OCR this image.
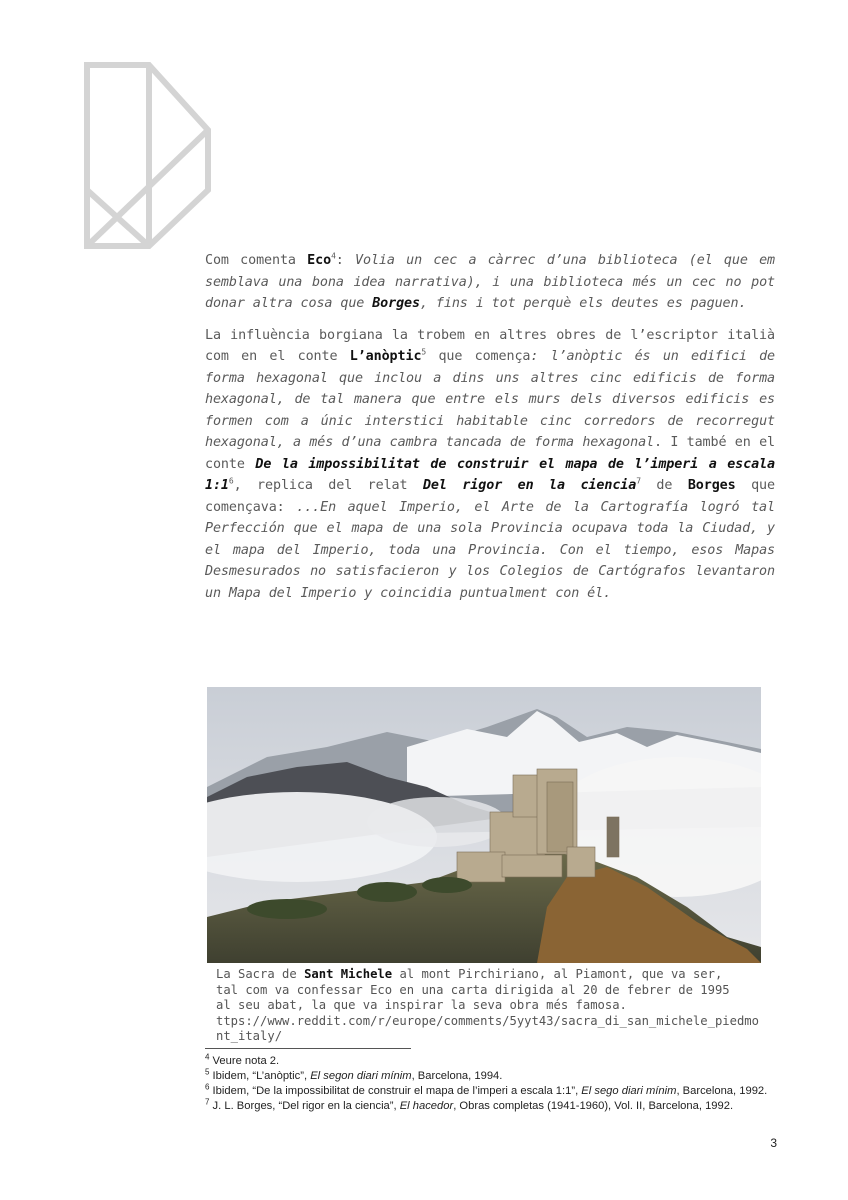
Com comenta Eco$^4$: Volia un cec a càrrec d’una biblioteca (el que em semblava una bona idea narrativa), i una biblioteca més un cec no pot donar altra cosa que Borges, fins i tot perquè els deutes es paguen.

La influència borgiana la trobem en altres obres de l’escriptor italià com en el conte L’anòptic$^5$ que comença: l’anòptic és un edifici de forma hexagonal que inclou a dins uns altres cinc edificis de forma hexagonal, de tal manera que entre els murs dels diversos edificis es formen com a únic interstici habitable cinc corredors de recorregut hexagonal, a més d’una cambra tancada de forma hexagonal. I també en el conte De la impossibilitat de construir el mapa de l’imperi a escala $1:1^6$, replica del relat Del rigor en la ciencia$^7$ de Borges que començava: ...En aquel Imperio, el Arte de la Cartografía logró tal Perfección que el mapa de una sola Provincia ocupava toda la Ciudad, y el mapa del Imperio, toda una Provincia. Con el tiempo, esos Mapas Desmesurados no satisfacieron y los Colegios de Cartógrafos levantaron un Mapa del Imperio y coincidia puntualment con él.

La Sacra de Sant Michele al mont Pirchiriano, al Piamont, que va ser,
tal com va confessar Eco en una carta dirigida al 20 de febrer de 1995
al seu abat, la que va inspirar la seva obra més famosa.
ttps://www.reddit.com/r/europe/comments/5yyt43/sacra_di_san_michele_piedmont_italy/
$^4$ Veure nota 2.
$^5$ Ibidem, “L’anòptic”, El segon diari mínim, Barcelona, 1994.
$^6$ Ibidem, “De la impossibilitat de construir el mapa de l’imperi a escala 1:1”, El sego diari mínim, Barcelona, 1992.
$^7$ J. L. Borges, “Del rigor en la ciencia”, El hacedor, Obras completas (1941-1960), Vol. II, Barcelona, 1992.
3
